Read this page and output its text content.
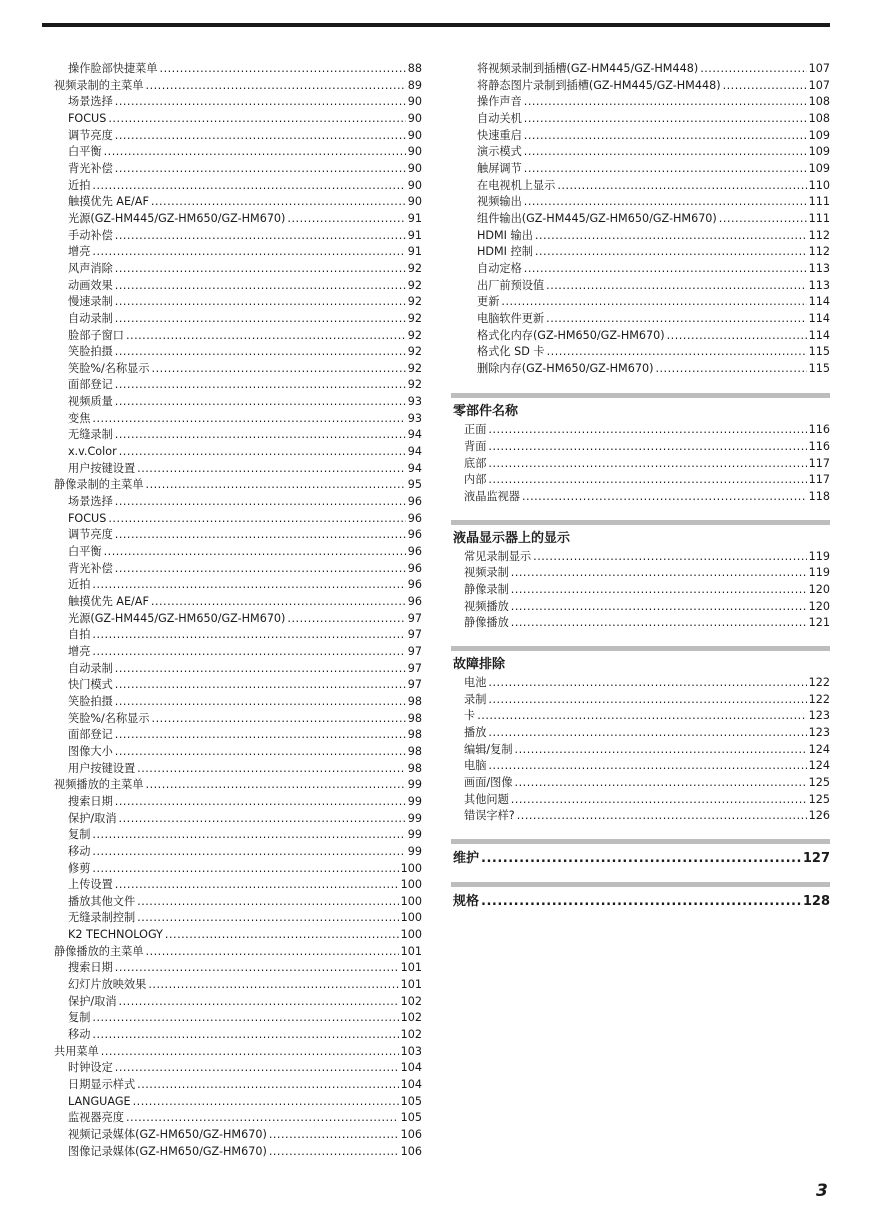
操作脸部快捷菜单 .....	88
视频录制的主菜单 .....	89
场景选择 .....	90
FOCUS .....	90
调节亮度 .....	90
白平衡 .....	90
背光补偿 .....	90
近拍 .....	90
触摸优先 AE/AF .....	90
光源(GZ-HM445/GZ-HM650/GZ-HM670) .....	91
手动补偿 .....	91
增亮 .....	91
风声消除 .....	92
动画效果 .....	92
慢速录制 .....	92
自动录制 .....	92
脸部子窗口 .....	92
笑脸拍摄 .....	92
笑脸%/名称显示 .....	92
面部登记 .....	92
视频质量 .....	93
变焦 .....	93
无缝录制 .....	94
x.v.Color .....	94
用户按键设置 .....	94
静像录制的主菜单 .....	95
场景选择 .....	96
FOCUS .....	96
调节亮度 .....	96
白平衡 .....	96
背光补偿 .....	96
近拍 .....	96
触摸优先 AE/AF .....	96
光源(GZ-HM445/GZ-HM650/GZ-HM670) .....	97
自拍 .....	97
增亮 .....	97
自动录制 .....	97
快门模式 .....	97
笑脸拍摄 .....	98
笑脸%/名称显示 .....	98
面部登记 .....	98
图像大小 .....	98
用户按键设置 .....	98
视频播放的主菜单 .....	99
搜索日期 .....	99
保护/取消 .....	99
复制 .....	99
移动 .....	99
修剪 .....	100
上传设置 .....	100
播放其他文件 .....	100
无缝录制控制 .....	100
K2 TECHNOLOGY .....	100
静像播放的主菜单 .....	101
搜索日期 .....	101
幻灯片放映效果 .....	101
保护/取消 .....	102
复制 .....	102
移动 .....	102
共用菜单 .....	103
时钟设定 .....	104
日期显示样式 .....	104
LANGUAGE .....	105
监视器亮度 .....	105
视频记录媒体(GZ-HM650/GZ-HM670) .....	106
图像记录媒体(GZ-HM650/GZ-HM670) .....	106
将视频录制到插槽(GZ-HM445/GZ-HM448) .....	107
将静态图片录制到插槽(GZ-HM445/GZ-HM448) .....	107
操作声音 .....	108
自动关机 .....	108
快速重启 .....	109
演示模式 .....	109
触屏调节 .....	109
在电视机上显示 .....	110
视频输出 .....	111
组件输出(GZ-HM445/GZ-HM650/GZ-HM670) .....	111
HDMI 输出 .....	112
HDMI 控制 .....	112
自动定格 .....	113
出厂前预设值 .....	113
更新 .....	114
电脑软件更新 .....	114
格式化内存(GZ-HM650/GZ-HM670) .....	114
格式化 SD 卡 .....	115
删除内存(GZ-HM650/GZ-HM670) .....	115
零部件名称
正面 .....	116
背面 .....	116
底部 .....	117
内部 .....	117
液晶监视器 .....	118
液晶显示器上的显示
常见录制显示 .....	119
视频录制 .....	119
静像录制 .....	120
视频播放 .....	120
静像播放 .....	121
故障排除
电池 .....	122
录制 .....	122
卡 .....	123
播放 .....	123
编辑/复制 .....	124
电脑 .....	124
画面/图像 .....	125
其他问题 .....	125
错误字样? .....	126
维护 .....	127
规格 .....	128
3
